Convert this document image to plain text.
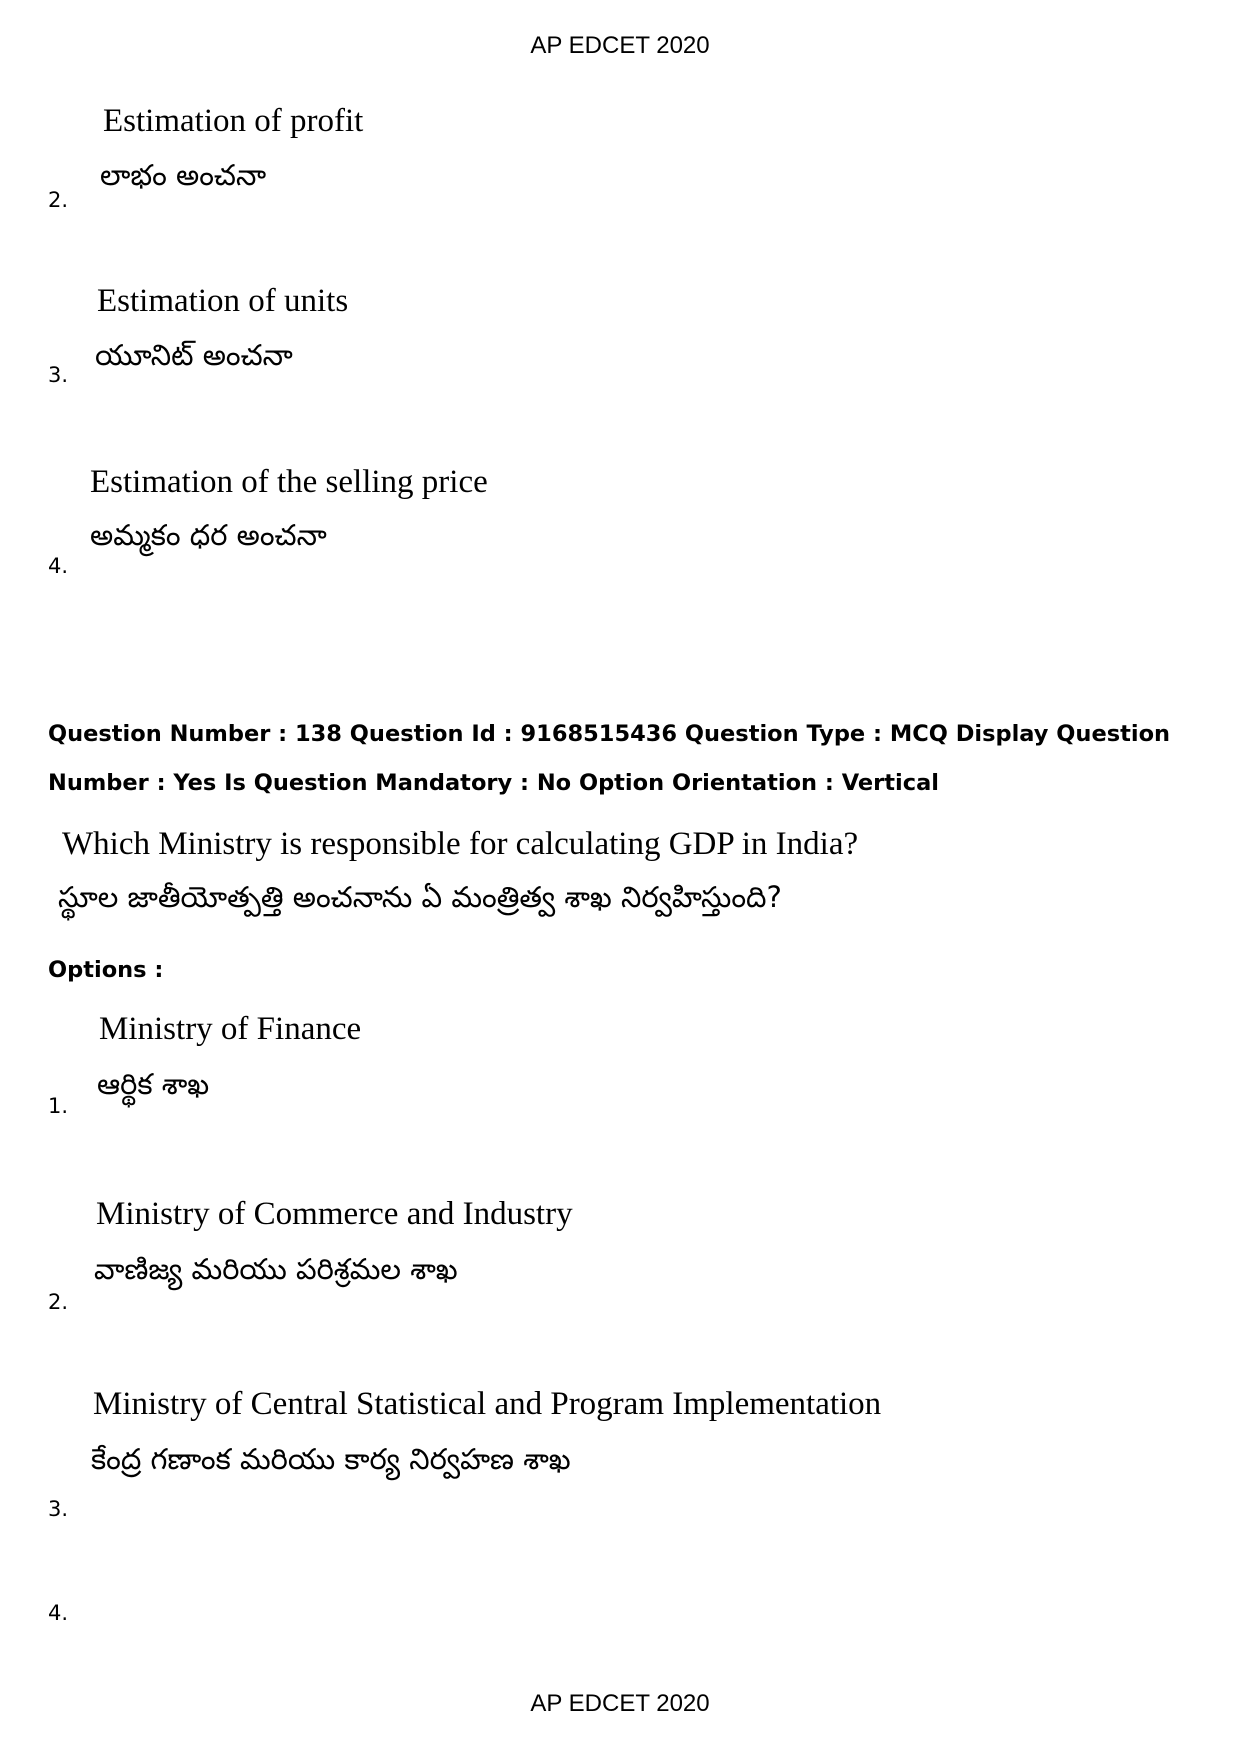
AP EDCET 2020
Estimation of profit
లాభం అంచనా
2.
Estimation of units
యూనిట్ అంచనా
3.
Estimation of the selling price
అమ్మకం ధర అంచనా
4.
Question Number : 138 Question Id : 9168515436 Question Type : MCQ Display Question
Number : Yes Is Question Mandatory : No Option Orientation : Vertical
Which Ministry is responsible for calculating GDP in India?
స్థూల జాతీయోత్పత్తి అంచనాను ఏ మంత్రిత్వ శాఖ నిర్వహిస్తుంది?
Options :
Ministry of Finance
ఆర్థిక శాఖ
1.
Ministry of Commerce and Industry
వాణిజ్య మరియు పరిశ్రమల శాఖ
2.
Ministry of Central Statistical and Program Implementation
కేంద్ర గణాంక మరియు కార్య నిర్వహణ శాఖ
3.
4.
AP EDCET 2020
